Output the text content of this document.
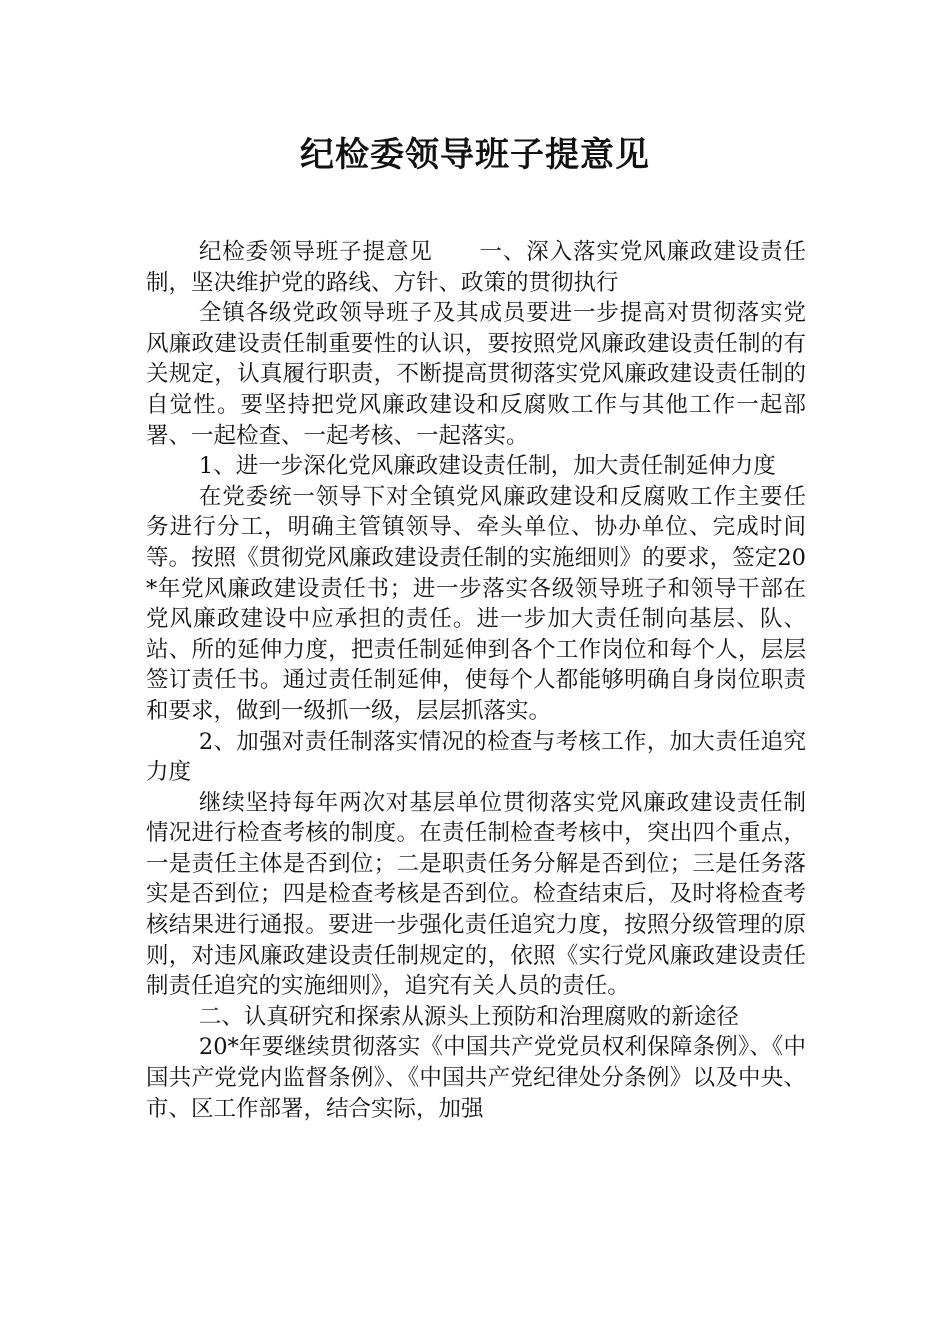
纪检委领导班子提意见

纪检委领导班子提意见　　一、深入落实党风廉政建设责任制，坚决维护党的路线、方针、政策的贯彻执行

全镇各级党政领导班子及其成员要进一步提高对贯彻落实党风廉政建设责任制重要性的认识，要按照党风廉政建设责任制的有关规定，认真履行职责，不断提高贯彻落实党风廉政建设责任制的自觉性。要坚持把党风廉政建设和反腐败工作与其他工作一起部署、一起检查、一起考核、一起落实。

1、进一步深化党风廉政建设责任制，加大责任制延伸力度

在党委统一领导下对全镇党风廉政建设和反腐败工作主要任务进行分工，明确主管镇领导、牵头单位、协办单位、完成时间等。按照《贯彻党风廉政建设责任制的实施细则》的要求，签定20*年党风廉政建设责任书；进一步落实各级领导班子和领导干部在党风廉政建设中应承担的责任。进一步加大责任制向基层、队、站、所的延伸力度，把责任制延伸到各个工作岗位和每个人，层层签订责任书。通过责任制延伸，使每个人都能够明确自身岗位职责和要求，做到一级抓一级，层层抓落实。

2、加强对责任制落实情况的检查与考核工作，加大责任追究力度

继续坚持每年两次对基层单位贯彻落实党风廉政建设责任制情况进行检查考核的制度。在责任制检查考核中，突出四个重点，一是责任主体是否到位；二是职责任务分解是否到位；三是任务落实是否到位；四是检查考核是否到位。检查结束后，及时将检查考核结果进行通报。要进一步强化责任追究力度，按照分级管理的原则，对违风廉政建设责任制规定的，依照《实行党风廉政建设责任制责任追究的实施细则》，追究有关人员的责任。

二、认真研究和探索从源头上预防和治理腐败的新途径

20*年要继续贯彻落实《中国共产党党员权利保障条例》、《中国共产党党内监督条例》、《中国共产党纪律处分条例》以及中央、市、区工作部署，结合实际，加强
